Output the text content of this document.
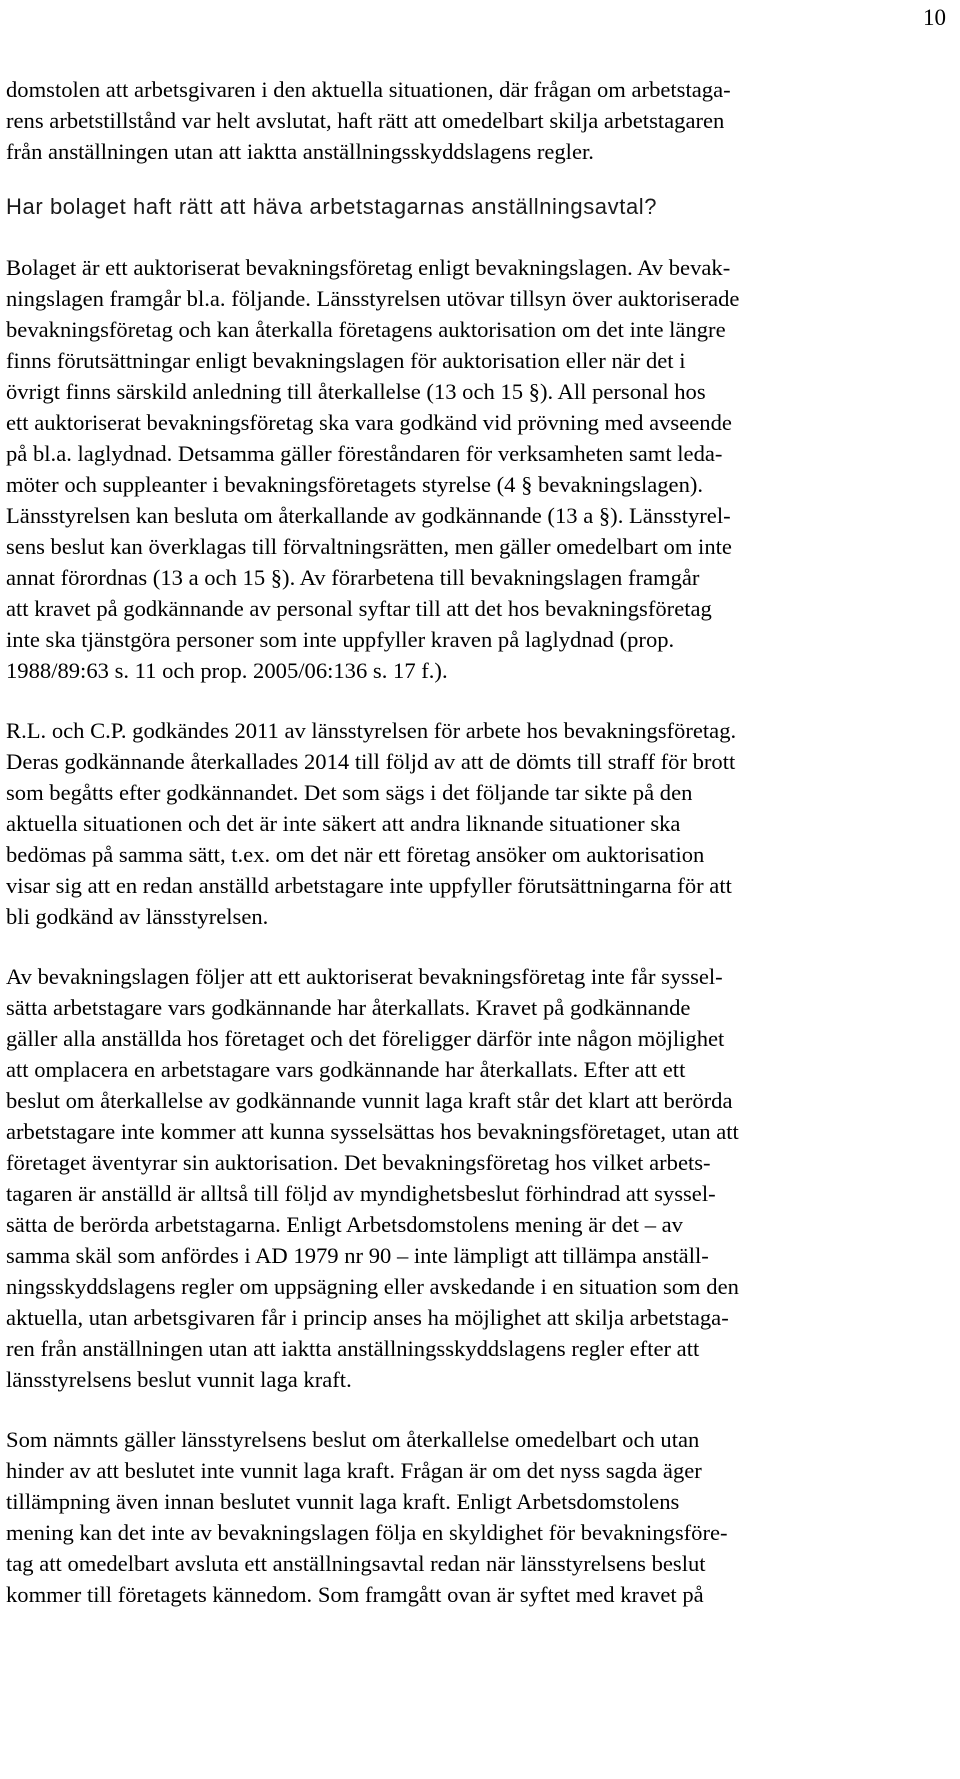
10
domstolen att arbetsgivaren i den aktuella situationen, där frågan om arbetstaga-
rens arbetstillstånd var helt avslutat, haft rätt att omedelbart skilja arbetstagaren
från anställningen utan att iaktta anställningsskyddslagens regler.
Har bolaget haft rätt att häva arbetstagarnas anställningsavtal?
Bolaget är ett auktoriserat bevakningsföretag enligt bevakningslagen. Av bevak-
ningslagen framgår bl.a. följande. Länsstyrelsen utövar tillsyn över auktoriserade
bevakningsföretag och kan återkalla företagens auktorisation om det inte längre
finns förutsättningar enligt bevakningslagen för auktorisation eller när det i
övrigt finns särskild anledning till återkallelse (13 och 15 §). All personal hos
ett auktoriserat bevakningsföretag ska vara godkänd vid prövning med avseende
på bl.a. laglydnad. Detsamma gäller föreståndaren för verksamheten samt leda-
möter och suppleanter i bevakningsföretagets styrelse (4 § bevakningslagen).
Länsstyrelsen kan besluta om återkallande av godkännande (13 a §). Länsstyrel-
sens beslut kan överklagas till förvaltningsrätten, men gäller omedelbart om inte
annat förordnas (13 a och 15 §). Av förarbetena till bevakningslagen framgår
att kravet på godkännande av personal syftar till att det hos bevakningsföretag
inte ska tjänstgöra personer som inte uppfyller kraven på laglydnad (prop.
1988/89:63 s. 11 och prop. 2005/06:136 s. 17 f.).
R.L. och C.P. godkändes 2011 av länsstyrelsen för arbete hos bevakningsföretag.
Deras godkännande återkallades 2014 till följd av att de dömts till straff för brott
som begåtts efter godkännandet. Det som sägs i det följande tar sikte på den
aktuella situationen och det är inte säkert att andra liknande situationer ska
bedömas på samma sätt, t.ex. om det när ett företag ansöker om auktorisation
visar sig att en redan anställd arbetstagare inte uppfyller förutsättningarna för att
bli godkänd av länsstyrelsen.
Av bevakningslagen följer att ett auktoriserat bevakningsföretag inte får syssel-
sätta arbetstagare vars godkännande har återkallats. Kravet på godkännande
gäller alla anställda hos företaget och det föreligger därför inte någon möjlighet
att omplacera en arbetstagare vars godkännande har återkallats. Efter att ett
beslut om återkallelse av godkännande vunnit laga kraft står det klart att berörda
arbetstagare inte kommer att kunna sysselsättas hos bevakningsföretaget, utan att
företaget äventyrar sin auktorisation. Det bevakningsföretag hos vilket arbets-
tagaren är anställd är alltså till följd av myndighetsbeslut förhindrad att syssel-
sätta de berörda arbetstagarna. Enligt Arbetsdomstolens mening är det – av
samma skäl som anfördes i AD 1979 nr 90 – inte lämpligt att tillämpa anställ-
ningsskyddslagens regler om uppsägning eller avskedande i en situation som den
aktuella, utan arbetsgivaren får i princip anses ha möjlighet att skilja arbetstaga-
ren från anställningen utan att iaktta anställningsskyddslagens regler efter att
länsstyrelsens beslut vunnit laga kraft.
Som nämnts gäller länsstyrelsens beslut om återkallelse omedelbart och utan
hinder av att beslutet inte vunnit laga kraft. Frågan är om det nyss sagda äger
tillämpning även innan beslutet vunnit laga kraft. Enligt Arbetsdomstolens
mening kan det inte av bevakningslagen följa en skyldighet för bevakningsföre-
tag att omedelbart avsluta ett anställningsavtal redan när länsstyrelsens beslut
kommer till företagets kännedom. Som framgått ovan är syftet med kravet på
